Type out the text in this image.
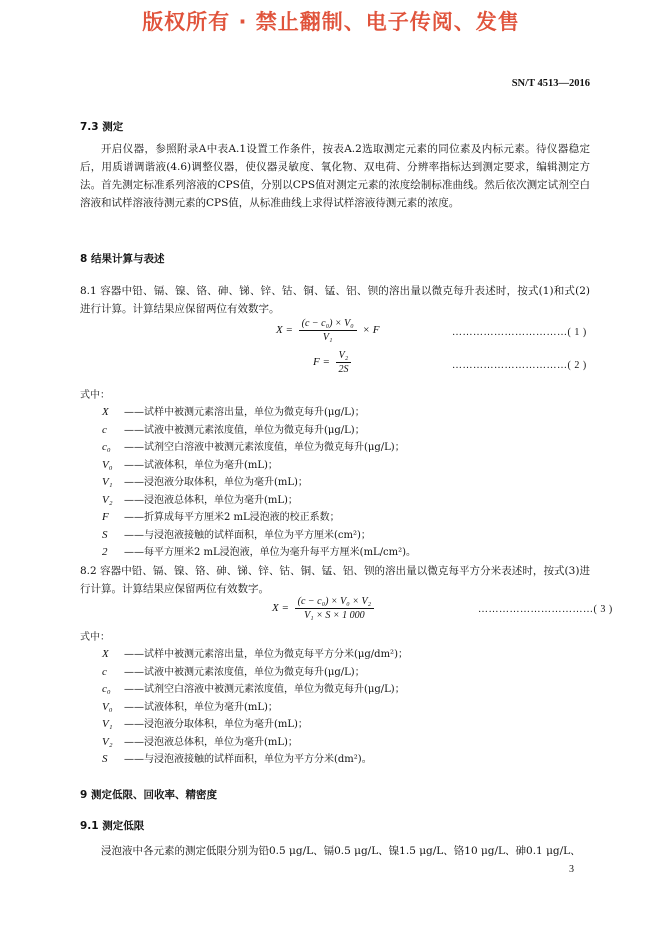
版权所有 · 禁止翻制、电子传阅、发售
SN/T 4513—2016
7.3 测定
开启仪器，参照附录A中表A.1设置工作条件，按表A.2选取测定元素的同位素及内标元素。待仪器稳定后，用质谱调谐液(4.6)调整仪器，使仪器灵敏度、氧化物、双电荷、分辨率指标达到测定要求，编辑测定方法。首先测定标准系列溶液的CPS值，分别以CPS值对测定元素的浓度绘制标准曲线。然后依次测定试剂空白溶液和试样溶液待测元素的CPS值，从标准曲线上求得试样溶液待测元素的浓度。
8 结果计算与表述
8.1 容器中铅、镉、镍、铬、砷、锑、锌、钴、铜、锰、铝、钡的溶出量以微克每升表述时，按式(1)和式(2)进行计算。计算结果应保留两位有效数字。
$X = \frac{\text{(c − c₀) × V₀}}{\text{V₁}} \times F$	……………………………( 1 )
$F = \frac{\text{V₂}}{2S}$	……………………………( 2 )
式中：
X ——试样中被测元素溶出量，单位为微克每升(μg/L)；
c ——试液中被测元素浓度值，单位为微克每升(μg/L)；
c₀ ——试剂空白溶液中被测元素浓度值，单位为微克每升(μg/L)；
V₀ ——试液体积，单位为毫升(mL)；
V₁ ——浸泡液分取体积，单位为毫升(mL)；
V₂ ——浸泡液总体积，单位为毫升(mL)；
F ——折算成每平方厘米2 mL浸泡液的校正系数；
S ——与浸泡液接触的试样面积，单位为平方厘米(cm²)；
2 ——每平方厘米2 mL浸泡液，单位为毫升每平方厘米(mL/cm²)。
8.2 容器中铅、镉、镍、铬、砷、锑、锌、钴、铜、锰、铝、钡的溶出量以微克每平方分米表述时，按式(3)进行计算。计算结果应保留两位有效数字。
$X = \frac{\text{(c − c₀) × V₀ × V₂}}{\text{V₁ × S × 1 000}}$	……………………………( 3 )
式中：
X ——试样中被测元素溶出量，单位为微克每平方分米(μg/dm²)；
c ——试液中被测元素浓度值，单位为微克每升(μg/L)；
c₀ ——试剂空白溶液中被测元素浓度值，单位为微克每升(μg/L)；
V₀ ——试液体积，单位为毫升(mL)；
V₁ ——浸泡液分取体积，单位为毫升(mL)；
V₂ ——浸泡液总体积，单位为毫升(mL)；
S ——与浸泡液接触的试样面积，单位为平方分米(dm²)。
9 测定低限、回收率、精密度
9.1 测定低限
浸泡液中各元素的测定低限分别为铅0.5 μg/L、镉0.5 μg/L、镍1.5 μg/L、铬10 μg/L、砷0.1 μg/L、
3
